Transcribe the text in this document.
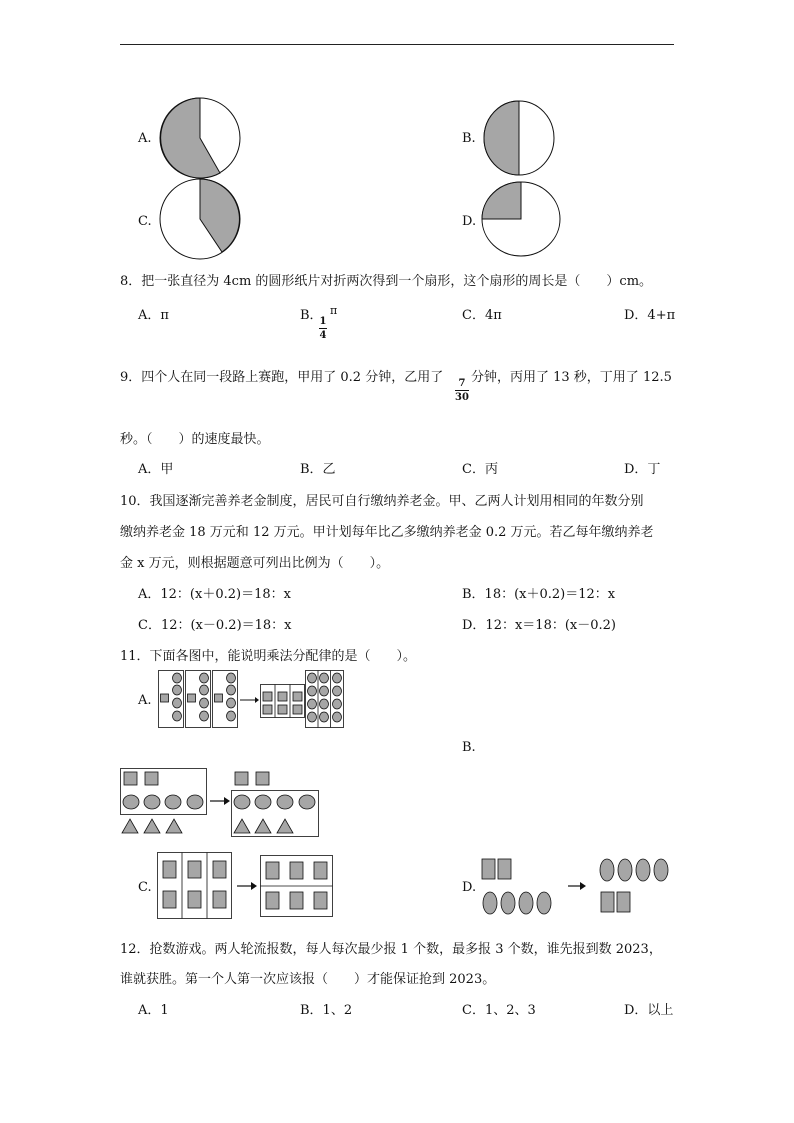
A.	B.
C.	D.
8．把一张直径为 4cm 的圆形纸片对折两次得到一个扇形，这个扇形的周长是（　　）cm。
A．π	B． π
1
4
C．4π	D．4+π
9．四个人在同一段路上赛跑，甲用了 0.2 分钟，乙用了	7
30
分钟，丙用了 13 秒，丁用了 12.5
秒。（　　）的速度最快。
A．甲	B．乙	C．丙	D．丁
10．我国逐渐完善养老金制度，居民可自行缴纳养老金。甲、乙两人计划用相同的年数分别
缴纳养老金 18 万元和 12 万元。甲计划每年比乙多缴纳养老金 0.2 万元。若乙每年缴纳养老
金 x 万元，则根据题意可列出比例为（　　）。
A．12：(x＋0.2)＝18：x	B．18：(x＋0.2)＝12：x
C．12：(x－0.2)＝18：x	D．12：x＝18：(x－0.2)
11．下面各图中，能说明乘法分配律的是（　　）。
A.
B.
C.	D.
12．抢数游戏。两人轮流报数，每人每次最少报 1 个数，最多报 3 个数，谁先报到数 2023，
谁就获胜。第一个人第一次应该报（　　）才能保证抢到 2023。
A．1	B．1、2	C．1、2、3	D．以上
